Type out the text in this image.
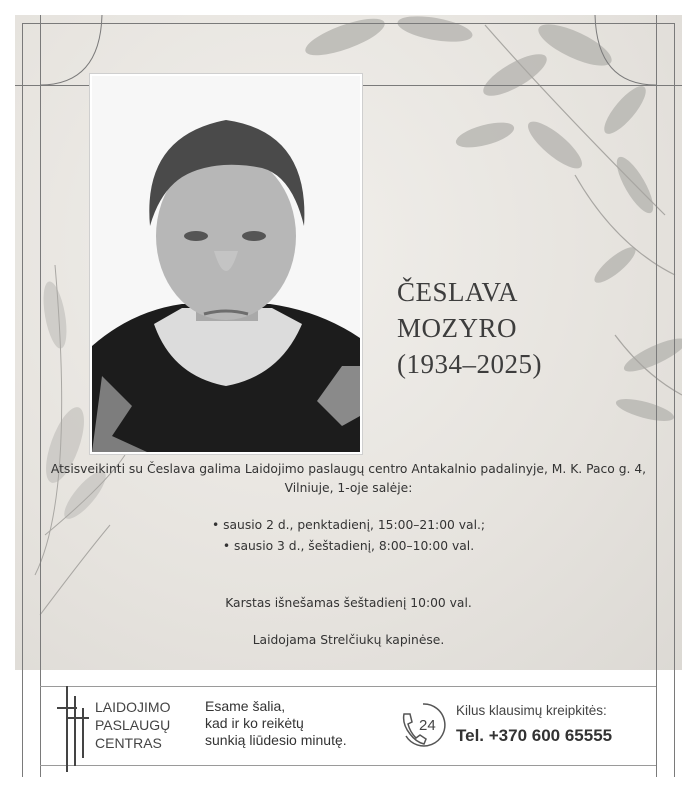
ČESLAVA
MOZYRO
(1934–2025)
Atsisveikinti su Česlava galima Laidojimo paslaugų centro Antakalnio padalinyje, M. K. Paco g. 4,
Vilniuje, 1-oje salėje:
• sausio 2 d., penktadienį, 15:00–21:00 val.;
• sausio 3 d., šeštadienį, 8:00–10:00 val.
Karstas išnešamas šeštadienį 10:00 val.
Laidojama Strelčiukų kapinėse.
LAIDOJIMO
PASLAUGŲ
CENTRAS
Esame šalia,
kad ir ko reikėtų
sunkią liūdesio minutę.
24
Kilus klausimų kreipkitės:
Tel. +370 600 65555
